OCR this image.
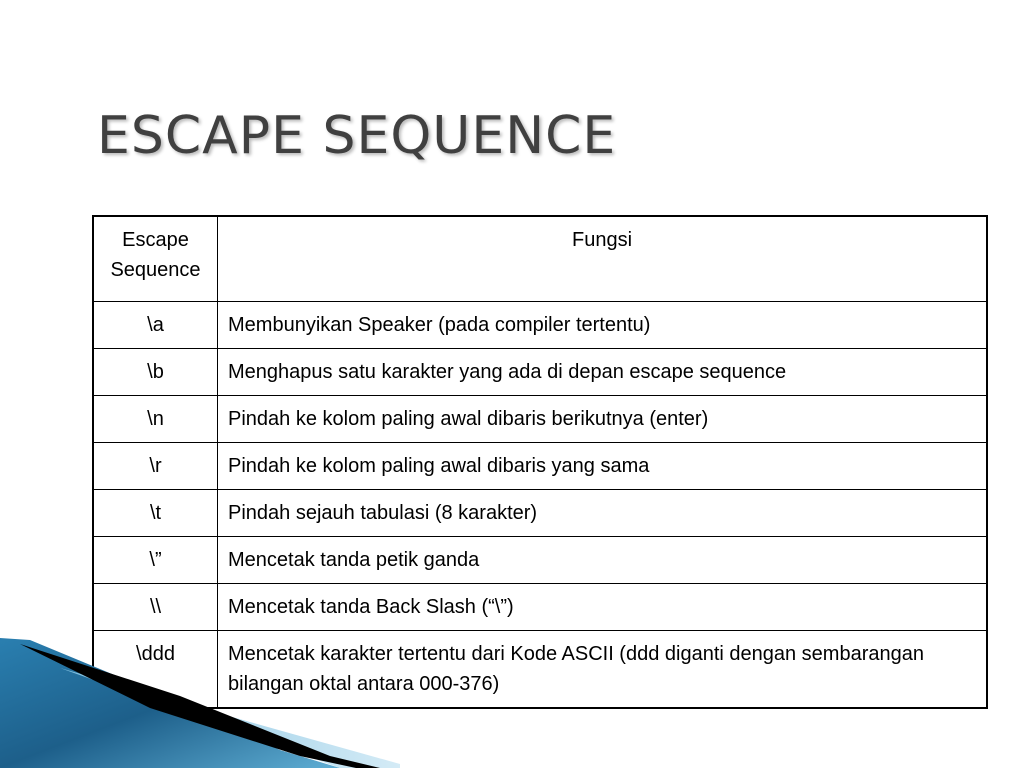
ESCAPE SEQUENCE
Escape Sequence	Fungsi
\a	Membunyikan Speaker (pada compiler tertentu)
\b	Menghapus satu karakter yang ada di depan escape sequence
\n	Pindah ke kolom paling awal dibaris berikutnya (enter)
\r	Pindah ke kolom paling awal dibaris yang sama
\t	Pindah sejauh tabulasi (8 karakter)
\”	Mencetak tanda petik ganda
\\	Mencetak tanda Back Slash (“\”)
\ddd	Mencetak karakter tertentu dari Kode ASCII (ddd diganti dengan sembarangan bilangan oktal antara 000-376)
